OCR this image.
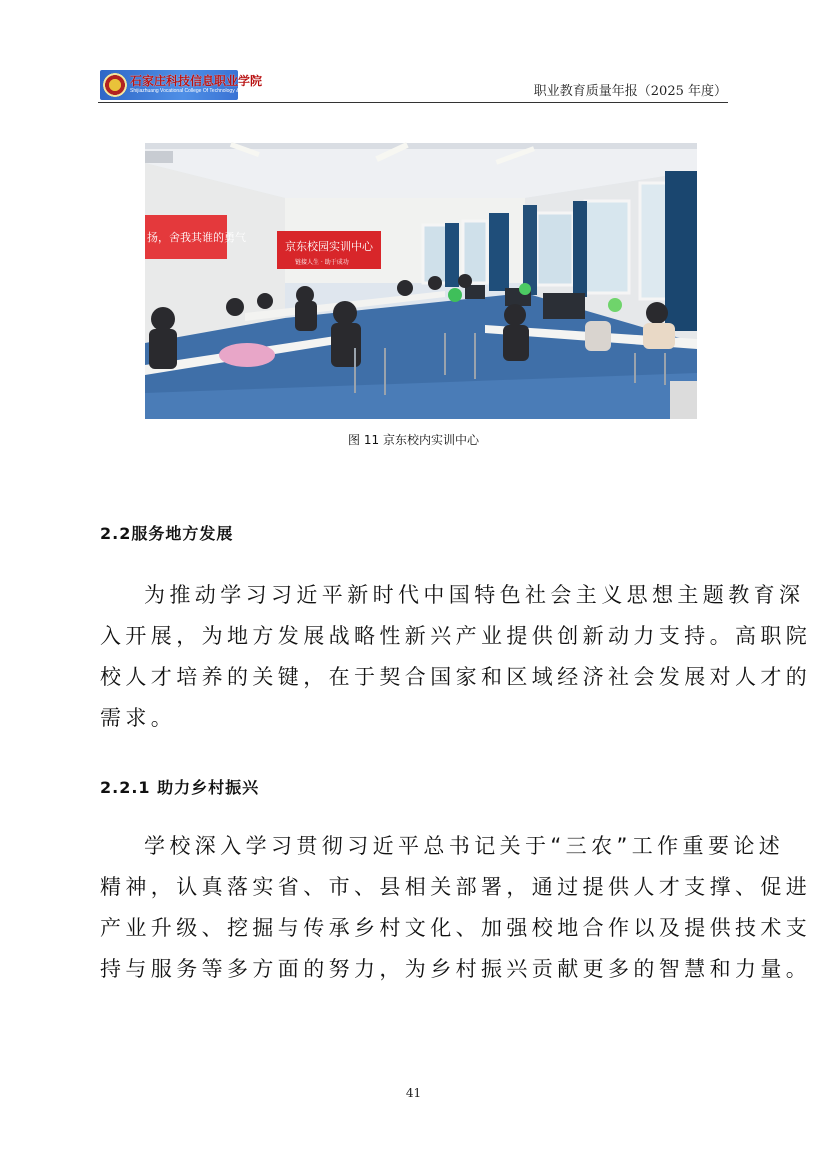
石家庄科技信息职业学院
Shijiazhuang Vocational College Of Technology & Information	职业教育质量年报（2025 年度）
京东校园实训中心
链接人生 · 助于成功
扬，舍我其谁的勇气
图 11 京东校内实训中心
2.2服务地方发展
为推动学习习近平新时代中国特色社会主义思想主题教育深
入开展，为地方发展战略性新兴产业提供创新动力支持。高职院
校人才培养的关键，在于契合国家和区域经济社会发展对人才的
需求。
2.2.1 助力乡村振兴
学校深入学习贯彻习近平总书记关于“三农”工作重要论述
精神，认真落实省、市、县相关部署，通过提供人才支撑、促进
产业升级、挖掘与传承乡村文化、加强校地合作以及提供技术支
持与服务等多方面的努力，为乡村振兴贡献更多的智慧和力量。
41
